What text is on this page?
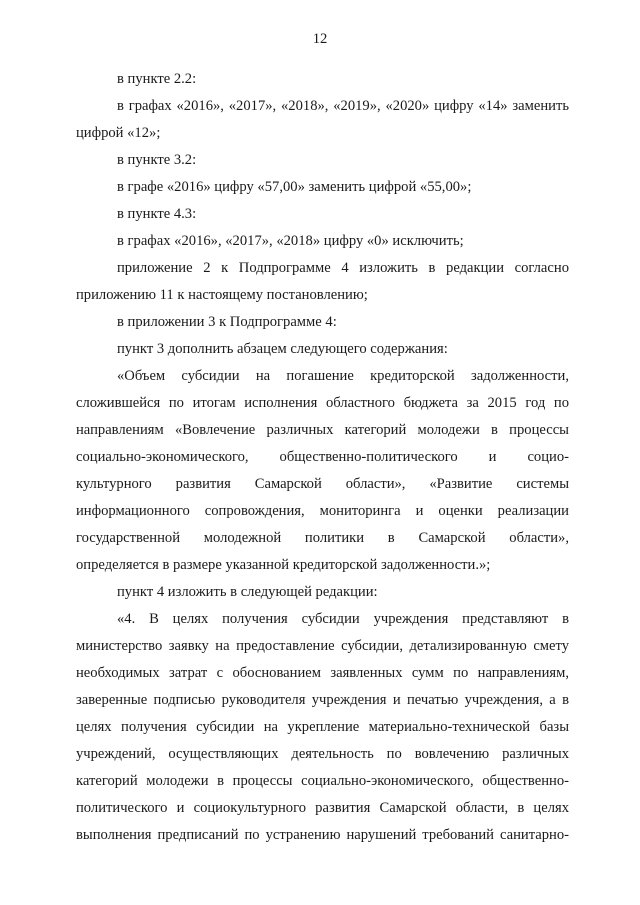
12
в пункте 2.2:
в графах «2016», «2017», «2018», «2019», «2020» цифру «14» заменить
цифрой «12»;
в пункте 3.2:
в графе «2016» цифру «57,00» заменить цифрой «55,00»;
в пункте 4.3:
в графах «2016», «2017», «2018» цифру «0» исключить;
приложение 2 к Подпрограмме 4 изложить в редакции согласно
приложению 11 к настоящему постановлению;
в приложении 3 к Подпрограмме 4:
пункт 3 дополнить абзацем следующего содержания:
«Объем субсидии на погашение кредиторской задолженности,
сложившейся по итогам исполнения областного бюджета за 2015 год по
направлениям «Вовлечение различных категорий молодежи в процессы
социально-экономического, общественно-политического и социо-
культурного развития Самарской области», «Развитие системы
информационного сопровождения, мониторинга и оценки реализации
государственной молодежной политики в Самарской области»,
определяется в размере указанной кредиторской задолженности.»;
пункт 4 изложить в следующей редакции:
«4. В целях получения субсидии учреждения представляют в
министерство заявку на предоставление субсидии, детализированную смету
необходимых затрат с обоснованием заявленных сумм по направлениям,
заверенные подписью руководителя учреждения и печатью учреждения, а в
целях получения субсидии на укрепление материально-технической базы
учреждений, осуществляющих деятельность по вовлечению различных
категорий молодежи в процессы социально-экономического, общественно-
политического и социокультурного развития Самарской области, в целях
выполнения предписаний по устранению нарушений требований санитарно-
